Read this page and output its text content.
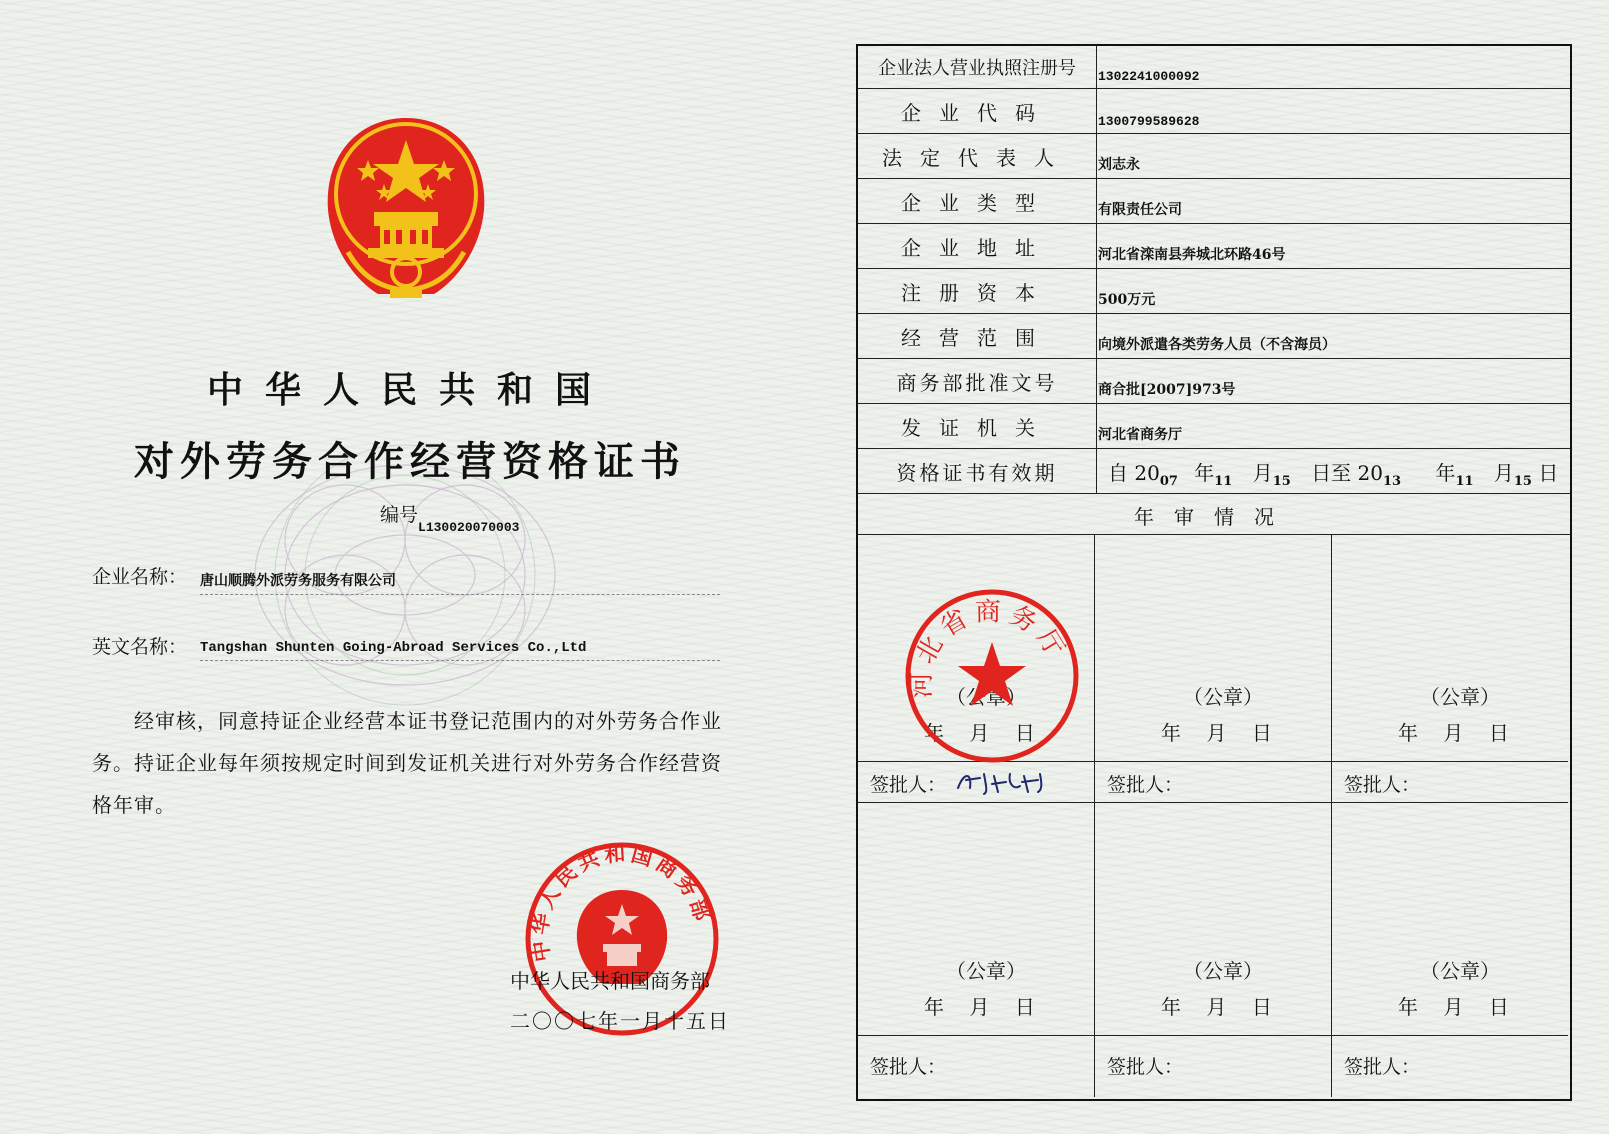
中华人民共和国
对外劳务合作经营资格证书
编号$_{L130020070003}$
企业名称： 唐山顺腾外派劳务服务有限公司
英文名称： Tangshan Shunten Going-Abroad Services Co.,Ltd
经审核，同意持证企业经营本证书登记范围内的对外劳务合作业务。持证企业每年须按规定时间到发证机关进行对外劳务合作经营资格年审。
中华人民共和国商务部
中华人民共和国商务部
二〇〇七年一月十五日
企业法人营业执照注册号	1302241000092
企业代码	1300799589628
法定代表人	刘志永
企业类型	有限责任公司
企业地址	河北省滦南县奔城北环路46号
注册资本	500万元
经营范围	向境外派遣各类劳务人员（不含海员）
商务部批准文号	商合批[2007]973号
发证机关	河北省商务厅
资格证书有效期	自 $20_{07}$ 年$_{11}$ 月$_{15}$ 日至 $20_{13}$ 年$_{11}$ 月$_{15}$ 日
年审情况
（公章）
年    月    日
（公章）
年    月    日
（公章）
年    月    日
签批人：	签批人：	签批人：
（公章）
年    月    日
（公章）
年    月    日
（公章）
年    月    日
签批人：	签批人：	签批人：
河北省商务厅
